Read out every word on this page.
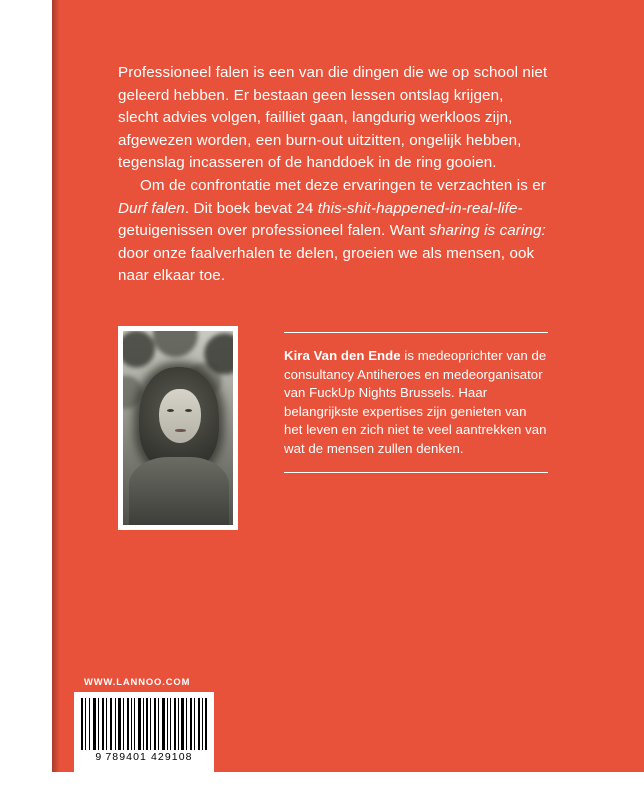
Professioneel falen is een van die dingen die we op school niet geleerd hebben. Er bestaan geen lessen ontslag krijgen, slecht advies volgen, failliet gaan, langdurig werkloos zijn, afgewezen worden, een burn-out uitzitten, ongelijk hebben, tegenslag incasseren of de handdoek in de ring gooien.

Om de confrontatie met deze ervaringen te verzachten is er Durf falen. Dit boek bevat 24 this-shit-happened-in-real-life-getuigenissen over professioneel falen. Want sharing is caring: door onze faalverhalen te delen, groeien we als mensen, ook naar elkaar toe.

Kira Van den Ende is medeoprichter van de consultancy Antiheroes en medeorganisator van FuckUp Nights Brussels. Haar belangrijkste expertises zijn genieten van het leven en zich niet te veel aantrekken van wat de mensen zullen denken.
WWW.LANNOO.COM
9 789401 429108
